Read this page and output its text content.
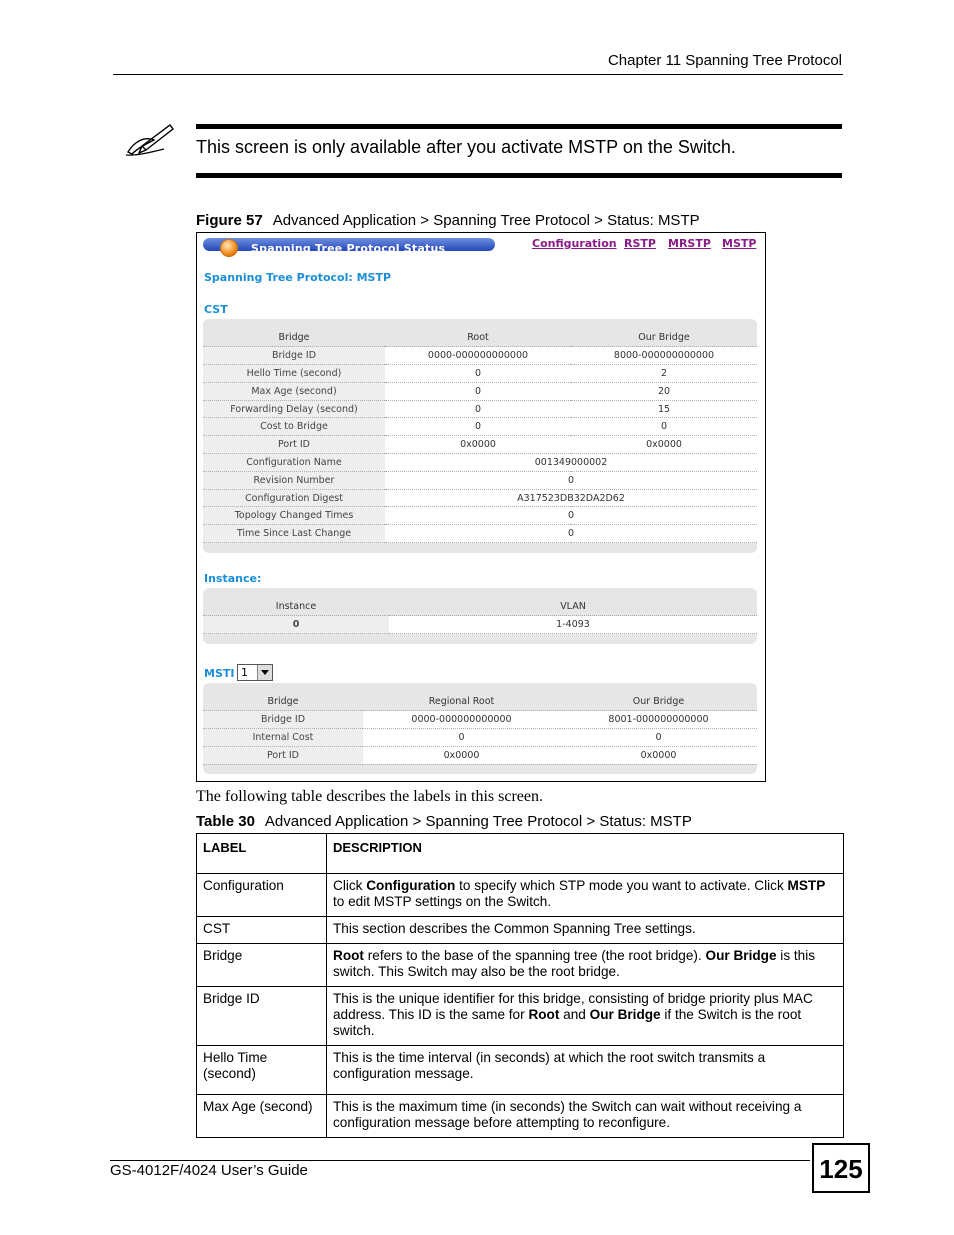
Chapter 11 Spanning Tree Protocol
This screen is only available after you activate MSTP on the Switch.
Figure 57 Advanced Application > Spanning Tree Protocol > Status: MSTP
Spanning Tree Protocol Status	Configuration RSTP MRSTP MSTP
Spanning Tree Protocol: MSTP
CST

Bridge	Root	Our Bridge
Bridge ID	0000-000000000000	8000-000000000000
Hello Time (second)	0	2
Max Age (second)	0	20
Forwarding Delay (second)	0	15
Cost to Bridge	0	0
Port ID	0x0000	0x0000
Configuration Name	001349000002	
Revision Number	0	
Configuration Digest	A317523DB32DA2D62	
Topology Changed Times	0	
Time Since Last Change	0	

Instance:

Instance	VLAN
0	1-4093

MSTI 1

Bridge	Regional Root	Our Bridge
Bridge ID	0000-000000000000	8001-000000000000
Internal Cost	0	0
Port ID	0x0000	0x0000

The following table describes the labels in this screen.
Table 30 Advanced Application > Spanning Tree Protocol > Status: MSTP
LABEL	DESCRIPTION
Configuration	Click Configuration to specify which STP mode you want to activate. Click MSTP to edit MSTP settings on the Switch.
CST	This section describes the Common Spanning Tree settings.
Bridge	Root refers to the base of the spanning tree (the root bridge). Our Bridge is this switch. This Switch may also be the root bridge.
Bridge ID	This is the unique identifier for this bridge, consisting of bridge priority plus MAC address. This ID is the same for Root and Our Bridge if the Switch is the root switch.
Hello Time (second)	This is the time interval (in seconds) at which the root switch transmits a configuration message.
Max Age (second)	This is the maximum time (in seconds) the Switch can wait without receiving a configuration message before attempting to reconfigure.
GS-4012F/4024 User’s Guide	125
